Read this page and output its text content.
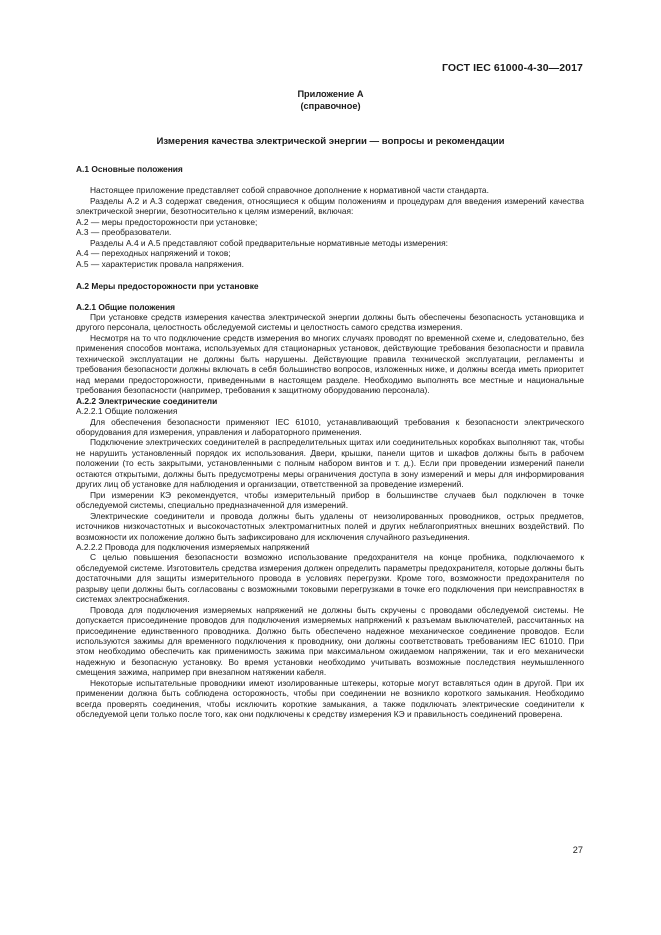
ГОСТ IEC 61000-4-30—2017
Приложение А
(справочное)
Измерения качества электрической энергии — вопросы и рекомендации
А.1 Основные положения
Настоящее приложение представляет собой справочное дополнение к нормативной части стандарта.
Разделы А.2 и А.3 содержат сведения, относящиеся к общим положениям и процедурам для введения измерений качества электрической энергии, безотносительно к целям измерений, включая:
А.2 — меры предосторожности при установке;
А.3 — преобразователи.
Разделы А.4 и А.5 представляют собой предварительные нормативные методы измерения:
А.4 — переходных напряжений и токов;
А.5 — характеристик провала напряжения.
А.2 Меры предосторожности при установке
А.2.1 Общие положения
При установке средств измерения качества электрической энергии должны быть обеспечены безопасность установщика и другого персонала, целостность обследуемой системы и целостность самого средства измерения.
Несмотря на то что подключение средств измерения во многих случаях проводят по временной схеме и, следовательно, без применения способов монтажа, используемых для стационарных установок, действующие требования безопасности и правила технической эксплуатации не должны быть нарушены. Действующие правила технической эксплуатации, регламенты и требования безопасности должны включать в себя большинство вопросов, изложенных ниже, и должны всегда иметь приоритет над мерами предосторожности, приведенными в настоящем разделе. Необходимо выполнять все местные и национальные требования безопасности (например, требования к защитному оборудованию персонала).
А.2.2 Электрические соединители
А.2.2.1 Общие положения
Для обеспечения безопасности применяют IEC 61010, устанавливающий требования к безопасности электрического оборудования для измерения, управления и лабораторного применения.
Подключение электрических соединителей в распределительных щитах или соединительных коробках выполняют так, чтобы не нарушить установленный порядок их использования. Двери, крышки, панели щитов и шкафов должны быть в рабочем положении (то есть закрытыми, установленными с полным набором винтов и т. д.). Если при проведении измерений панели остаются открытыми, должны быть предусмотрены меры ограничения доступа в зону измерений и меры для информирования других лиц об установке для наблюдения и организации, ответственной за проведение измерений.
При измерении КЭ рекомендуется, чтобы измерительный прибор в большинстве случаев был подключен в точке обследуемой системы, специально предназначенной для измерений.
Электрические соединители и провода должны быть удалены от неизолированных проводников, острых предметов, источников низкочастотных и высокочастотных электромагнитных полей и других неблагоприятных внешних воздействий. По возможности их положение должно быть зафиксировано для исключения случайного разъединения.
А.2.2.2 Провода для подключения измеряемых напряжений
С целью повышения безопасности возможно использование предохранителя на конце пробника, подключаемого к обследуемой системе. Изготовитель средства измерения должен определить параметры предохранителя, которые должны быть достаточными для защиты измерительного провода в условиях перегрузки. Кроме того, возможности предохранителя по разрыву цепи должны быть согласованы с возможными токовыми перегрузками в точке его подключения при неисправностях в системах электроснабжения.
Провода для подключения измеряемых напряжений не должны быть скручены с проводами обследуемой системы. Не допускается присоединение проводов для подключения измеряемых напряжений к разъемам выключателей, рассчитанных на присоединение единственного проводника. Должно быть обеспечено надежное механическое соединение проводов. Если используются зажимы для временного подключения к проводнику, они должны соответствовать требованиям IEC 61010. При этом необходимо обеспечить как применимость зажима при максимальном ожидаемом напряжении, так и его механически надежную и безопасную установку. Во время установки необходимо учитывать возможные последствия неумышленного смещения зажима, например при внезапном натяжении кабеля.
Некоторые испытательные проводники имеют изолированные штекеры, которые могут вставляться один в другой. При их применении должна быть соблюдена осторожность, чтобы при соединении не возникло короткого замыкания. Необходимо всегда проверять соединения, чтобы исключить короткие замыкания, а также подключать электрические соединители к обследуемой цепи только после того, как они подключены к средству измерения КЭ и правильность соединений проверена.
27
